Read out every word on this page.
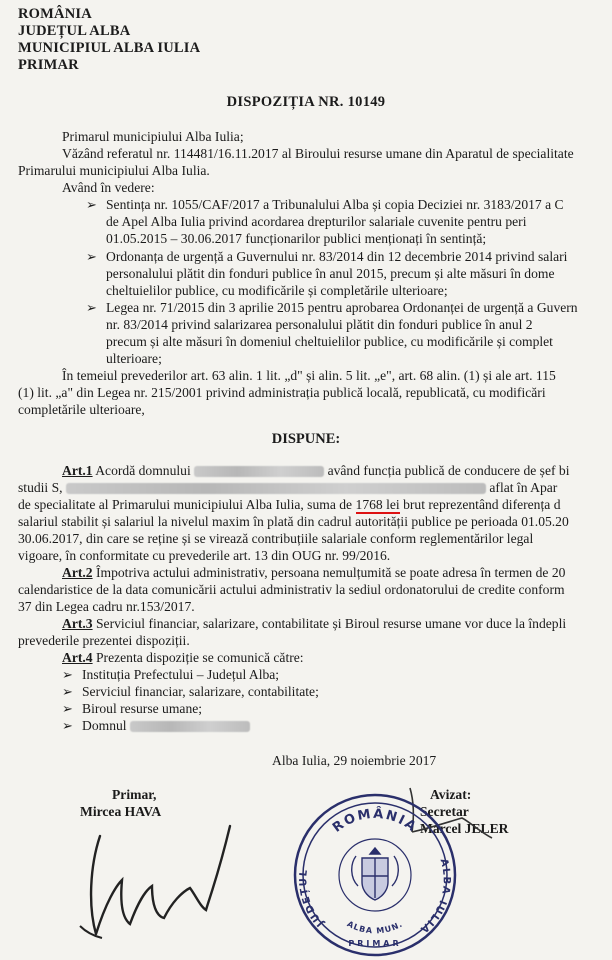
ROMÂNIA
JUDEȚUL ALBA
MUNICIPIUL ALBA IULIA
PRIMAR
DISPOZIȚIA NR. 10149
Primarul municipiului Alba Iulia;
Văzând referatul nr. 114481/16.11.2017 al Biroului resurse umane din Aparatul de specialitate
Primarului municipiului Alba Iulia.
Având în vedere:
➢ Sentința nr. 1055/CAF/2017 a Tribunalului Alba și copia Deciziei nr. 3183/2017 a C
de Apel Alba Iulia privind acordarea drepturilor salariale cuvenite pentru peri
01.05.2015 – 30.06.2017 funcționarilor publici menționați în sentință;
➢ Ordonanța de urgență a Guvernului nr. 83/2014 din 12 decembrie 2014 privind salari
personalului plătit din fonduri publice în anul 2015, precum și alte măsuri în dome
cheltuielilor publice, cu modificările și completările ulterioare;
➢ Legea nr. 71/2015 din 3 aprilie 2015 pentru aprobarea Ordonanței de urgență a Guvern
nr. 83/2014 privind salarizarea personalului plătit din fonduri publice în anul 2
precum și alte măsuri în domeniul cheltuielilor publice, cu modificările și complet
ulterioare;
În temeiul prevederilor art. 63 alin. 1 lit. „d" și alin. 5 lit. „e", art. 68 alin. (1) și ale art. 115
(1) lit. „a" din Legea nr. 215/2001 privind administrația publică locală, republicată, cu modificări
completările ulterioare,
DISPUNE:
Art.1 Acordă domnului	având funcția publică de conducere de șef bi
studii S,	aflat în Apar
de specialitate al Primarului municipiului Alba Iulia, suma de 1768 lei brut reprezentând diferența d
salariul stabilit și salariul la nivelul maxim în plată din cadrul autorității publice pe perioada 01.05.20
30.06.2017, din care se reține și se virează contribuțiile salariale conform reglementărilor legal
vigoare, în conformitate cu prevederile art. 13 din OUG nr. 99/2016.
Art.2 Împotriva actului administrativ, persoana nemulțumită se poate adresa în termen de 20
calendaristice de la data comunicării actului administrativ la sediul ordonatorului de credite conform
37 din Legea cadru nr.153/2017.
Art.3 Serviciul financiar, salarizare, contabilitate și Biroul resurse umane vor duce la îndepli
prevederile prezentei dispoziții.
Art.4 Prezenta dispoziție se comunică către:
➢ Instituția Prefectului – Județul Alba;
➢ Serviciul financiar, salarizare, contabilitate;
➢ Biroul resurse umane;
➢ Domnul
Alba Iulia, 29 noiembrie 2017
Primar,
Mircea HAVA
Avizat:
Secretar
Marcel JELER
ROMÂNIA
JUDEȚUL
ALBA IULIA
ALBA MUN.
PRIMAR
